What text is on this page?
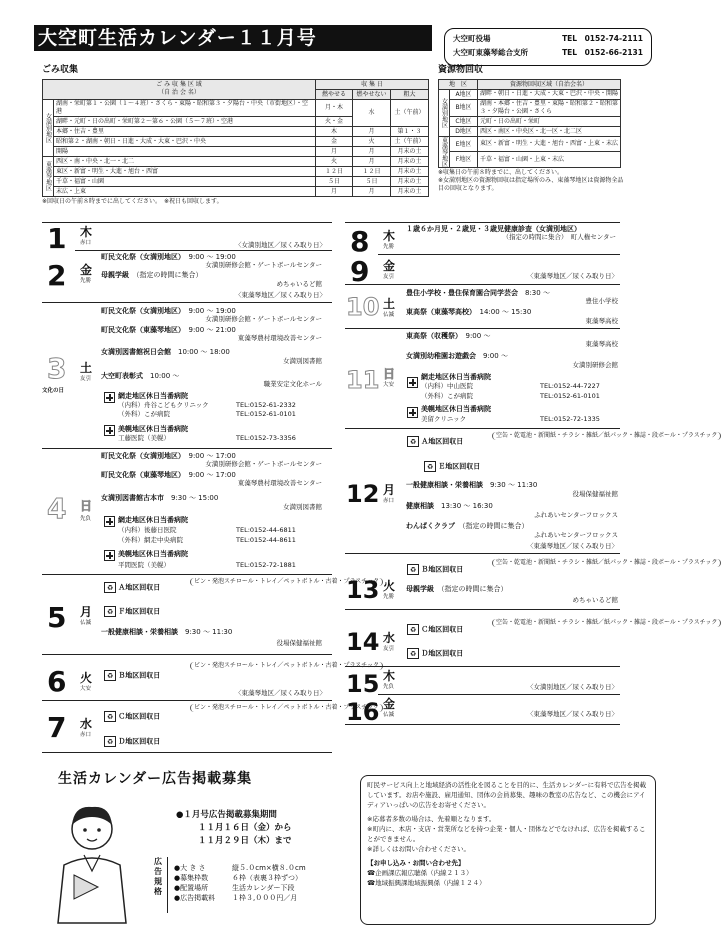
大空町生活カレンダー１１月号	大空町役場	TEL　0152-74-2111
大空町東藻琴総合支所	TEL　0152-66-2131
ごみ収集
ご み 収 集 区 域
（自 治 会 名）		収 集 日		
		燃やせる	燃やせない	粗大
女満別地区	湖南・栄町第１・公園（１～４班）・さくら・東陽・昭和第３・夕陽台・中央（市街地区）・空港	月・木	水	土（午前）
	湖畔・元町・日の出町・栄町第２～第６・公園（５～７班）・空港	火・金		
	本郷・住吉・豊里	木	月	第１・３
	昭和第２・湖南・朝日・日進・大成・大東・巴沢・中央	金	火	土（午前）
	開陽	月	月	月末の土
東藻琴地区	西区・南・中央・北一・北二	火	月	月末の土
	東区・新富・明生・大進・旭台・西富	１２日	１２日	月末の土
	千草・福富・山園	５日	５日	月末の土
	末広・上東	月	月	月末の土
※回収日の午前８時までに出してください。　※祝日も回収します。
資源物回収
地　区		資源物回収区域（自治会名）
女満別地区	A地区	湖畔・朝日・日進・大成・大東・巴沢・中央・開陽
	B地区	湖南・本郷・住吉・豊里・東陽・昭和第２・昭和第３・夕陽台・公園・さくら
	C地区	元町・日の出町・栄町
	D地区	西区・南区・中央区・北一区・北二区
東藻琴地区	E地区	東区・新富・明生・大進・旭台・西富・上東・末広
	F地区	千草・福富・山園・上東・末広
※収集日の午前８時までに、出してください。
※女満別地区の資源物回収は指定場所のみ、東藻琴地区は資源物全品目の回収となります。
1 木
赤口	〈女満別地区／尿くみ取り日〉
2 金
先勝
町民文化祭（女満別地区）　 9:00 ～ 19:00
女満別研修会館・ゲートボールセンター
母親学級　 （指定の時間に集合）
めちゃいるど館
〈東藻琴地区／尿くみ取り日〉
3 土
友引
文化の日
町民文化祭（女満別地区）　 9:00 ～ 19:00
女満別研修会館・ゲートボールセンター
町民文化祭（東藻琴地区）　 9:00 ～ 21:00
東藻琴農村環境改善センター
女満別図書館祝日会館　 10:00 ～ 18:00
女満別図書館
大空町表彰式　 10:00 ～
職業安定文化ホール
網走地区休日当番病院
（内科）舟谷こどもクリニック	TEL:0152-61-2332
（外科）こが病院	TEL:0152-61-0101
美幌地区休日当番病院
工藤医院（美幌）	TEL:0152-73-3356
4 日
先負
町民文化祭（女満別地区）　 9:00 ～ 17:00
女満別研修会館・ゲートボールセンター
町民文化祭（東藻琴地区）　 9:00 ～ 17:00
東藻琴農村環境改善センター
女満別図書館古本市　 9:30 ～ 15:00
女満別図書館
網走地区休日当番病院
（内科）後藤日医院	TEL:0152-44-6811
（外科）網走中央病院	TEL:0152-44-8611
美幌地区休日当番病院
平間医院（美幌）	TEL:0152-72-1881
5 月
仏滅
♻ Ａ地区回収日
ビン・発泡スチロール・トレイ／ペットボトル・古着・プラスチック
♻ Ｆ地区回収日
一般健康相談・栄養相談　 9:30 ～ 11:30
役場保健福祉館
6 火
大安
♻ Ｂ地区回収日
ビン・発泡スチロール・トレイ／ペットボトル・古着・プラスチック
〈東藻琴地区／尿くみ取り日〉
7 水
赤口
♻ Ｃ地区回収日
ビン・発泡スチロール・トレイ／ペットボトル・古着・プラスチック
♻ Ｄ地区回収日
8 木
先勝
１歳６か月児・２歳児・３歳児健康診査（女満別地区）
（指定の時間に集合）　町人権センター
9 金
友引	〈東藻琴地区／尿くみ取り日〉
10 土
仏滅
豊住小学校・豊住保育園合同学芸会　 8:30 ～
豊住小学校
東高祭（東藻琴高校）　 14:00 ～ 15:30
東藻琴高校
11 日
大安
東高祭（収穫祭）　 9:00 ～
東藻琴高校
女満別幼稚園お遊戯会　 9:00 ～
女満別研修会館
網走地区休日当番病院
（内科）中山医院	TEL:0152-44-7227
（外科）こが病院	TEL:0152-61-0101
美幌地区休日当番病院
美留クリニック	TEL:0152-72-1335
12 月
赤口
♻ Ａ地区回収日
空缶・乾電池・新聞紙・チラシ・雑紙／紙パック・雑誌・段ボール・プラスチック
♻ Ｅ地区回収日
一般健康相談・栄養相談　 9:30 ～ 11:30
役場保健福祉館
健康相談　 13:30 ～ 16:30
ふれあいセンターフロックス
わんぱくクラブ　 （指定の時間に集合）
ふれあいセンターフロックス
〈東藻琴地区／尿くみ取り日〉
13 火
先勝
♻ Ｂ地区回収日
空缶・乾電池・新聞紙・チラシ・雑紙／紙パック・雑誌・段ボール・プラスチック
母親学級　 （指定の時間に集合）
めちゃいるど館
14 水
友引
♻ Ｃ地区回収日
空缶・乾電池・新聞紙・チラシ・雑紙／紙パック・雑誌・段ボール・プラスチック
♻ Ｄ地区回収日
15 木
先負	〈女満別地区／尿くみ取り日〉
16 金
仏滅	〈東藻琴地区／尿くみ取り日〉
生活カレンダー広告掲載募集
●１月号広告掲載募集期間
１１月１６日（金）から
１１月２９日（木）まで
広告規格
●大 き さ	縦５.０cm×横８.０cm
●募集枠数	６枠（表裏３枠ずつ）
●配置場所	生活カレンダー下段
●広告掲載料 １枠３,０００円／月
町民サービス向上と地域経済の活性化を図ることを目的に、生活カレンダーに有料で広告を掲載しています。お店や施設、雇用通知、団体の会員募集、趣味の教室の広告など、この機会にアイディアいっぱいの広告をお寄せください。
※応募者多数の場合は、先着順となります。
※町内に、本店・支店・営業所などを持つ企業・個人・団体などでなければ、広告を掲載することができません。
※詳しくはお問い合わせください。
【お申し込み・お問い合わせ先】
☎企画課広報広聴係（内線２１３）
☎地域振興課地域振興係（内線１２４）
